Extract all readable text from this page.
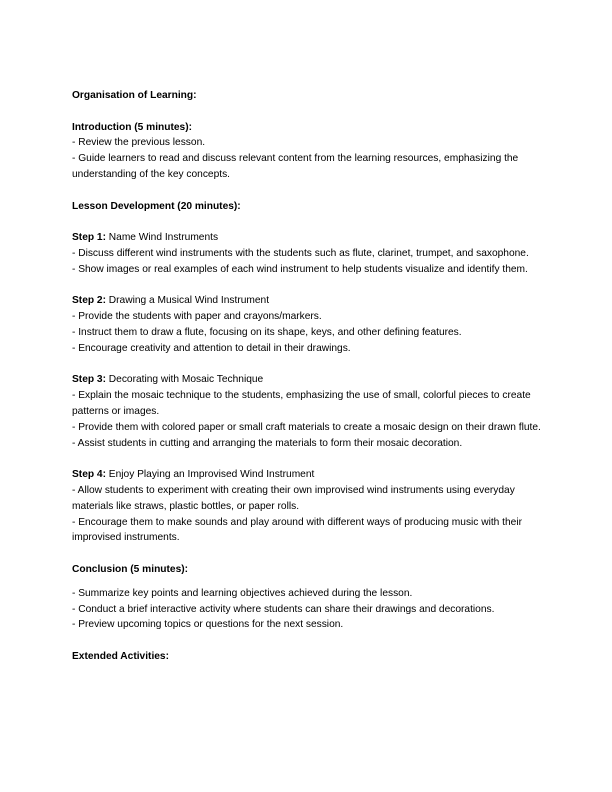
Organisation of Learning:

Introduction (5 minutes):

- Review the previous lesson.

- Guide learners to read and discuss relevant content from the learning resources, emphasizing the understanding of the key concepts.

Lesson Development (20 minutes):

Step 1: Name Wind Instruments

- Discuss different wind instruments with the students such as flute, clarinet, trumpet, and saxophone.

- Show images or real examples of each wind instrument to help students visualize and identify them.

Step 2: Drawing a Musical Wind Instrument

- Provide the students with paper and crayons/markers.

- Instruct them to draw a flute, focusing on its shape, keys, and other defining features.

- Encourage creativity and attention to detail in their drawings.

Step 3: Decorating with Mosaic Technique

- Explain the mosaic technique to the students, emphasizing the use of small, colorful pieces to create patterns or images.

- Provide them with colored paper or small craft materials to create a mosaic design on their drawn flute.

- Assist students in cutting and arranging the materials to form their mosaic decoration.

Step 4: Enjoy Playing an Improvised Wind Instrument

- Allow students to experiment with creating their own improvised wind instruments using everyday materials like straws, plastic bottles, or paper rolls.

- Encourage them to make sounds and play around with different ways of producing music with their improvised instruments.

Conclusion (5 minutes):

- Summarize key points and learning objectives achieved during the lesson.

- Conduct a brief interactive activity where students can share their drawings and decorations.

- Preview upcoming topics or questions for the next session.

Extended Activities:
